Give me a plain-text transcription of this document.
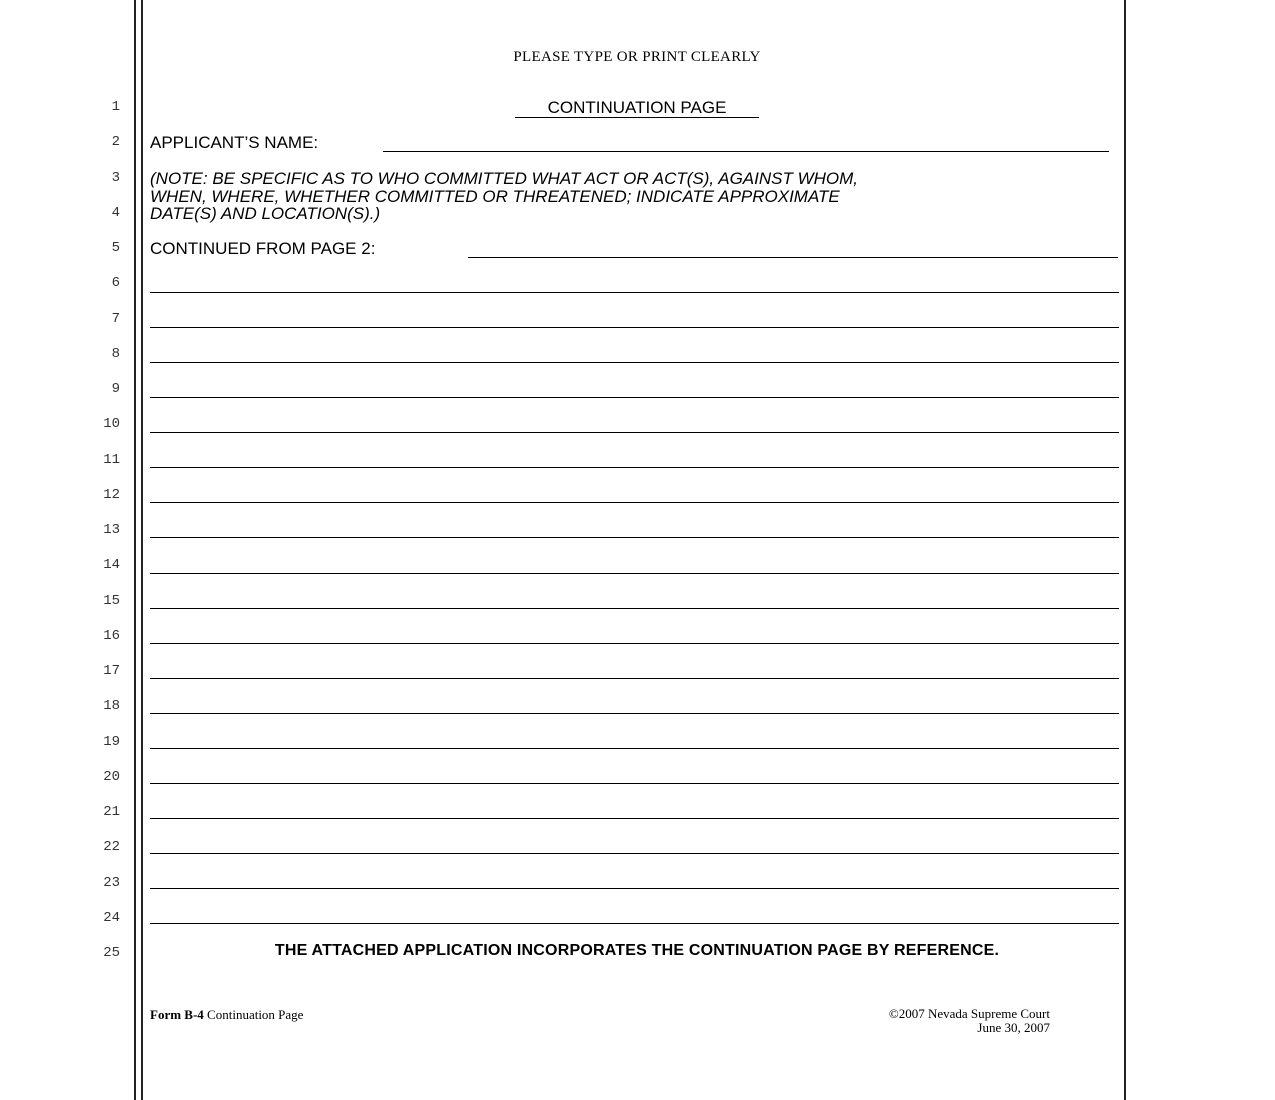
1
2
3
4
5
6
7
8
9
10
11
12
13
14
15
16
17
18
19
20
21
22
23
24
25
PLEASE TYPE OR PRINT CLEARLY
CONTINUATION PAGE
APPLICANT’S NAME:
(NOTE: BE SPECIFIC AS TO WHO COMMITTED WHAT ACT OR ACT(S), AGAINST WHOM,
WHEN, WHERE, WHETHER COMMITTED OR THREATENED; INDICATE APPROXIMATE
DATE(S) AND LOCATION(S).)
CONTINUED FROM PAGE 2:
THE ATTACHED APPLICATION INCORPORATES THE CONTINUATION PAGE BY REFERENCE.
Form B-4 Continuation Page	©2007 Nevada Supreme Court
June 30, 2007
